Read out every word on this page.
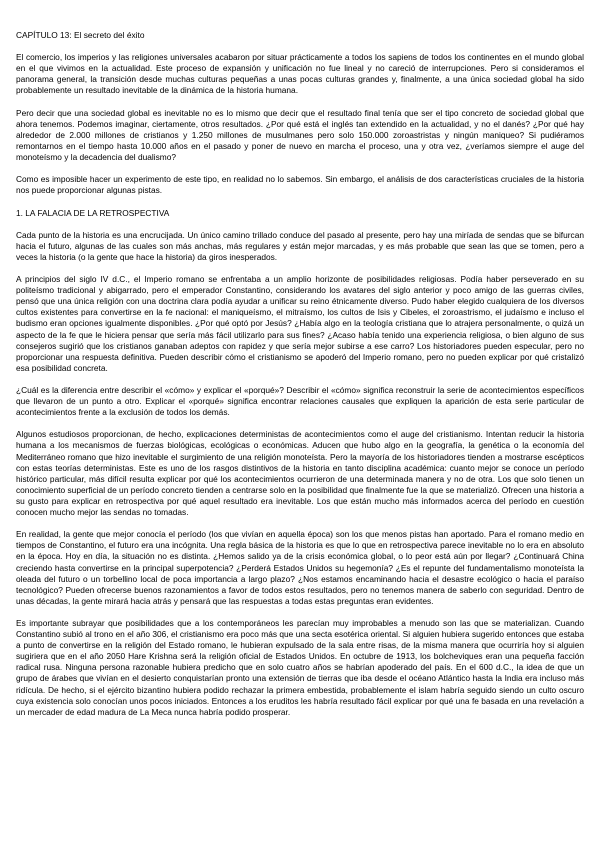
CAPÍTULO 13: El secreto del éxito

El comercio, los imperios y las religiones universales acabaron por situar prácticamente a todos los sapiens de todos los continentes en el mundo global en el que vivimos en la actualidad. Este proceso de expansión y unificación no fue lineal y no careció de interrupciones. Pero si consideramos el panorama general, la transición desde muchas culturas pequeñas a unas pocas culturas grandes y, finalmente, a una única sociedad global ha sido probablemente un resultado inevitable de la dinámica de la historia humana.

Pero decir que una sociedad global es inevitable no es lo mismo que decir que el resultado final tenía que ser el tipo concreto de sociedad global que ahora tenemos. Podemos imaginar, ciertamente, otros resultados. ¿Por qué está el inglés tan extendido en la actualidad, y no el danés? ¿Por qué hay alrededor de 2.000 millones de cristianos y 1.250 millones de musulmanes pero solo 150.000 zoroastristas y ningún maniqueo? Si pudiéramos remontarnos en el tiempo hasta 10.000 años en el pasado y poner de nuevo en marcha el proceso, una y otra vez, ¿veríamos siempre el auge del monoteísmo y la decadencia del dualismo?

Como es imposible hacer un experimento de este tipo, en realidad no lo sabemos. Sin embargo, el análisis de dos características cruciales de la historia nos puede proporcionar algunas pistas.

1. LA FALACIA DE LA RETROSPECTIVA

Cada punto de la historia es una encrucijada. Un único camino trillado conduce del pasado al presente, pero hay una miríada de sendas que se bifurcan hacia el futuro, algunas de las cuales son más anchas, más regulares y están mejor marcadas, y es más probable que sean las que se tomen, pero a veces la historia (o la gente que hace la historia) da giros inesperados.

A principios del siglo IV d.C., el Imperio romano se enfrentaba a un amplio horizonte de posibilidades religiosas. Podía haber perseverado en su politeísmo tradicional y abigarrado, pero el emperador Constantino, considerando los avatares del siglo anterior y poco amigo de las guerras civiles, pensó que una única religión con una doctrina clara podía ayudar a unificar su reino étnicamente diverso. Pudo haber elegido cualquiera de los diversos cultos existentes para convertirse en la fe nacional: el maniqueísmo, el mitraísmo, los cultos de Isis y Cibeles, el zoroastrismo, el judaísmo e incluso el budismo eran opciones igualmente disponibles. ¿Por qué optó por Jesús? ¿Había algo en la teología cristiana que lo atrajera personalmente, o quizá un aspecto de la fe que le hiciera pensar que sería más fácil utilizarlo para sus fines? ¿Acaso había tenido una experiencia religiosa, o bien alguno de sus consejeros sugirió que los cristianos ganaban adeptos con rapidez y que sería mejor subirse a ese carro? Los historiadores pueden especular, pero no proporcionar una respuesta definitiva. Pueden describir cómo el cristianismo se apoderó del Imperio romano, pero no pueden explicar por qué cristalizó esa posibilidad concreta.

¿Cuál es la diferencia entre describir el «cómo» y explicar el «porqué»? Describir el «cómo» significa reconstruir la serie de acontecimientos específicos que llevaron de un punto a otro. Explicar el «porqué» significa encontrar relaciones causales que expliquen la aparición de esta serie particular de acontecimientos frente a la exclusión de todos los demás.

Algunos estudiosos proporcionan, de hecho, explicaciones deterministas de acontecimientos como el auge del cristianismo. Intentan reducir la historia humana a los mecanismos de fuerzas biológicas, ecológicas o económicas. Aducen que hubo algo en la geografía, la genética o la economía del Mediterráneo romano que hizo inevitable el surgimiento de una religión monoteísta. Pero la mayoría de los historiadores tienden a mostrarse escépticos con estas teorías deterministas. Este es uno de los rasgos distintivos de la historia en tanto disciplina académica: cuanto mejor se conoce un período histórico particular, más difícil resulta explicar por qué los acontecimientos ocurrieron de una determinada manera y no de otra. Los que solo tienen un conocimiento superficial de un período concreto tienden a centrarse solo en la posibilidad que finalmente fue la que se materializó. Ofrecen una historia a su gusto para explicar en retrospectiva por qué aquel resultado era inevitable. Los que están mucho más informados acerca del período en cuestión conocen mucho mejor las sendas no tomadas.

En realidad, la gente que mejor conocía el período (los que vivían en aquella época) son los que menos pistas han aportado. Para el romano medio en tiempos de Constantino, el futuro era una incógnita. Una regla básica de la historia es que lo que en retrospectiva parece inevitable no lo era en absoluto en la época. Hoy en día, la situación no es distinta. ¿Hemos salido ya de la crisis económica global, o lo peor está aún por llegar? ¿Continuará China creciendo hasta convertirse en la principal superpotencia? ¿Perderá Estados Unidos su hegemonía? ¿Es el repunte del fundamentalismo monoteísta la oleada del futuro o un torbellino local de poca importancia a largo plazo? ¿Nos estamos encaminando hacia el desastre ecológico o hacia el paraíso tecnológico? Pueden ofrecerse buenos razonamientos a favor de todos estos resultados, pero no tenemos manera de saberlo con seguridad. Dentro de unas décadas, la gente mirará hacia atrás y pensará que las respuestas a todas estas preguntas eran evidentes.

Es importante subrayar que posibilidades que a los contemporáneos les parecían muy improbables a menudo son las que se materializan. Cuando Constantino subió al trono en el año 306, el cristianismo era poco más que una secta esotérica oriental. Si alguien hubiera sugerido entonces que estaba a punto de convertirse en la religión del Estado romano, le hubieran expulsado de la sala entre risas, de la misma manera que ocurriría hoy si alguien sugiriera que en el año 2050 Hare Krishna será la religión oficial de Estados Unidos. En octubre de 1913, los bolcheviques eran una pequeña facción radical rusa. Ninguna persona razonable hubiera predicho que en solo cuatro años se habrían apoderado del país. En el 600 d.C., la idea de que un grupo de árabes que vivían en el desierto conquistarían pronto una extensión de tierras que iba desde el océano Atlántico hasta la India era incluso más ridícula. De hecho, si el ejército bizantino hubiera podido rechazar la primera embestida, probablemente el islam habría seguido siendo un culto oscuro cuya existencia solo conocían unos pocos iniciados. Entonces a los eruditos les habría resultado fácil explicar por qué una fe basada en una revelación a un mercader de edad madura de La Meca nunca habría podido prosperar.
